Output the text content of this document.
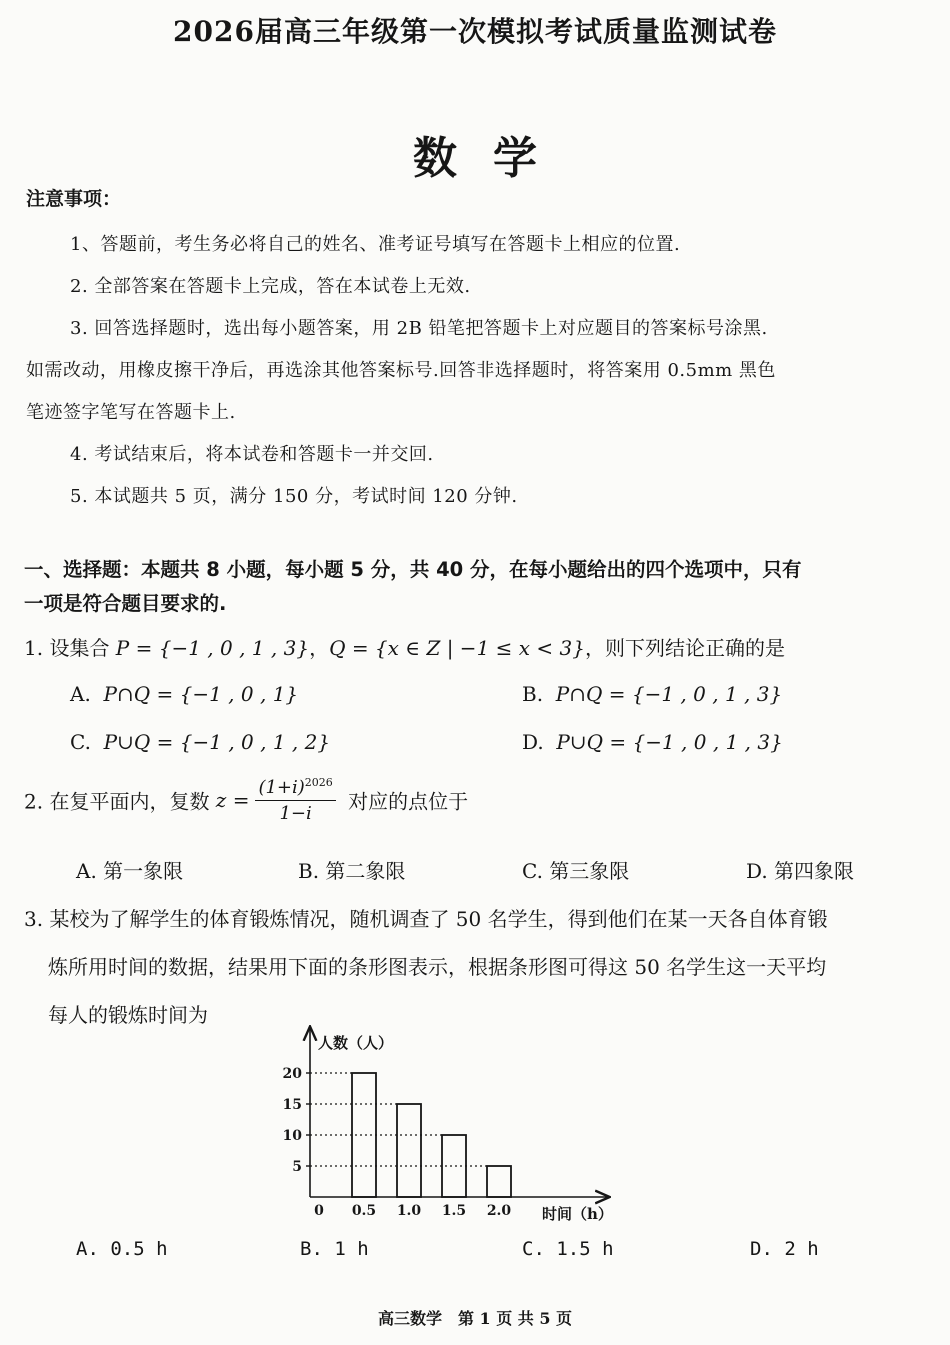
2026届高三年级第一次模拟考试质量监测试卷
数学
注意事项：
1、答题前，考生务必将自己的姓名、准考证号填写在答题卡上相应的位置.
2. 全部答案在答题卡上完成，答在本试卷上无效.
3. 回答选择题时，选出每小题答案，用 2B 铅笔把答题卡上对应题目的答案标号涂黑.
如需改动，用橡皮擦干净后，再选涂其他答案标号.回答非选择题时，将答案用 0.5mm 黑色
笔迹签字笔写在答题卡上.
4. 考试结束后，将本试卷和答题卡一并交回.
5. 本试题共 5 页，满分 150 分，考试时间 120 分钟.
一、选择题：本题共 8 小题，每小题 5 分，共 40 分，在每小题给出的四个选项中，只有
一项是符合题目要求的.
1. 设集合 P = {−1 , 0 , 1 , 3}，Q = {x ∈ Z | −1 ≤ x < 3}，则下列结论正确的是
A. P∩Q = {−1 , 0 , 1}	B. P∩Q = {−1 , 0 , 1 , 3}
C. P∪Q = {−1 , 0 , 1 , 2}	D. P∪Q = {−1 , 0 , 1 , 3}
2. 在复平面内，复数 $z = \frac{(1+i)^{2026}}{1-i}$ 对应的点位于
A. 第一象限	B. 第二象限	C. 第三象限	D. 第四象限
3. 某校为了解学生的体育锻炼情况，随机调查了 50 名学生，得到他们在某一天各自体育锻
炼所用时间的数据，结果用下面的条形图表示，根据条形图可得这 50 名学生这一天平均
每人的锻炼时间为
人数（人）
时间（h）
0
5
10
15
20
0.5 1.0 1.5 2.0
A. 0.5 h	B. 1 h	C. 1.5 h	D. 2 h
高三数学　第 1 页 共 5 页
